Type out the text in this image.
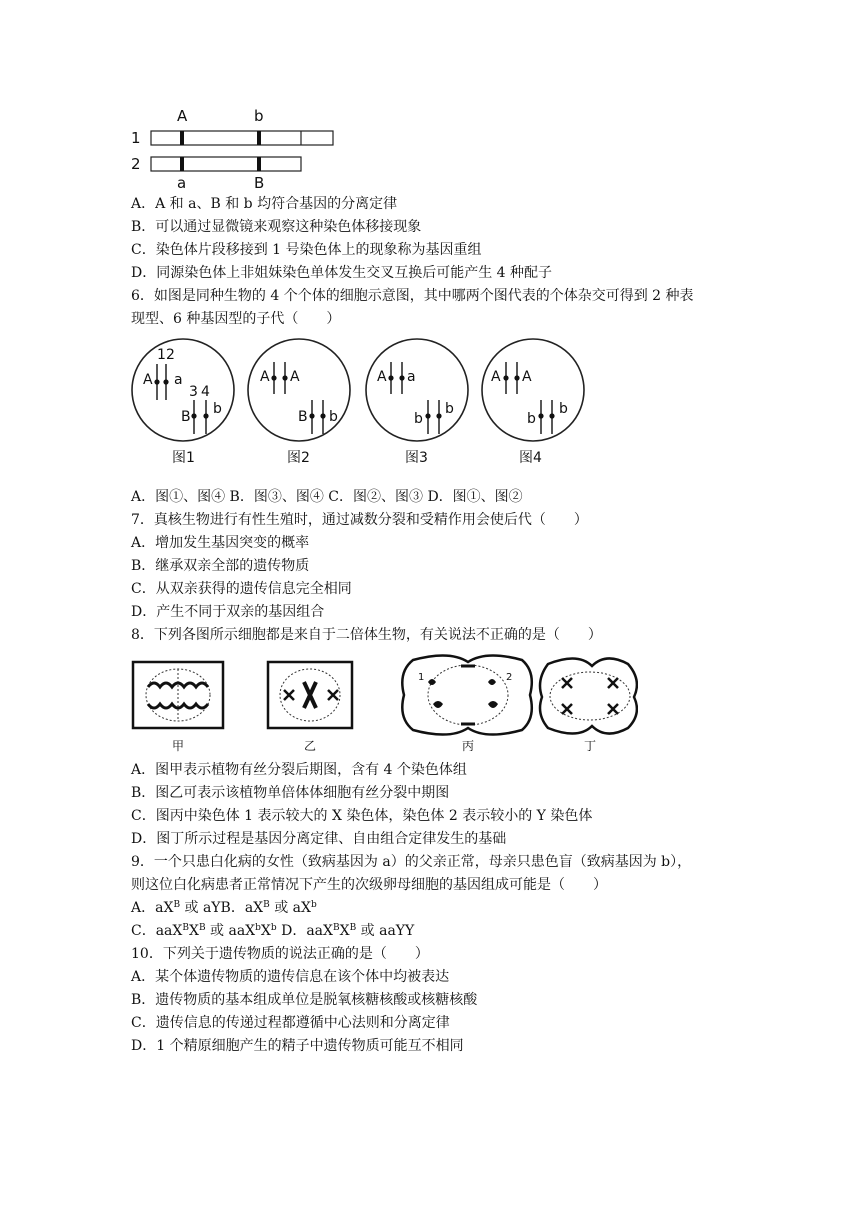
A	b
1
2
a	B
A．A 和 a、B 和 b 均符合基因的分离定律
B．可以通过显微镜来观察这种染色体移接现象
C．染色体片段移接到 1 号染色体上的现象称为基因重组
D．同源染色体上非姐妹染色单体发生交叉互换后可能产生 4 种配子
6．如图是同种生物的 4 个个体的细胞示意图，其中哪两个图代表的个体杂交可得到 2 种表
现型、6 种基因型的子代（　　）
1 2
A a
3 4
B b
图1
A A
B b
图2
A a
b
b
图3
A A
b
b
图4
A．图①、图④ B．图③、图④ C．图②、图③ D．图①、图②
7．真核生物进行有性生殖时，通过减数分裂和受精作用会使后代（　　）
A．增加发生基因突变的概率
B．继承双亲全部的遗传物质
C．从双亲获得的遗传信息完全相同
D．产生不同于双亲的基因组合
8．下列各图所示细胞都是来自于二倍体生物，有关说法不正确的是（　　）
甲	乙
1	2
丙	丁
A．图甲表示植物有丝分裂后期图，含有 4 个染色体组
B．图乙可表示该植物单倍体体细胞有丝分裂中期图
C．图丙中染色体 1 表示较大的 X 染色体，染色体 2 表示较小的 Y 染色体
D．图丁所示过程是基因分离定律、自由组合定律发生的基础
9．一个只患白化病的女性（致病基因为 a）的父亲正常，母亲只患色盲（致病基因为 b），
则这位白化病患者正常情况下产生的次级卵母细胞的基因组成可能是（　　）
A．$aX^B$ 或 aYB．$aX^B$ 或 $aX^b$
C．$aaX^BX^B$ 或 $aaX^bX^b$ D．$aaX^BX^B$ 或 aaYY
10．下列关于遗传物质的说法正确的是（　　）
A．某个体遗传物质的遗传信息在该个体中均被表达
B．遗传物质的基本组成单位是脱氧核糖核酸或核糖核酸
C．遗传信息的传递过程都遵循中心法则和分离定律
D．1 个精原细胞产生的精子中遗传物质可能互不相同
